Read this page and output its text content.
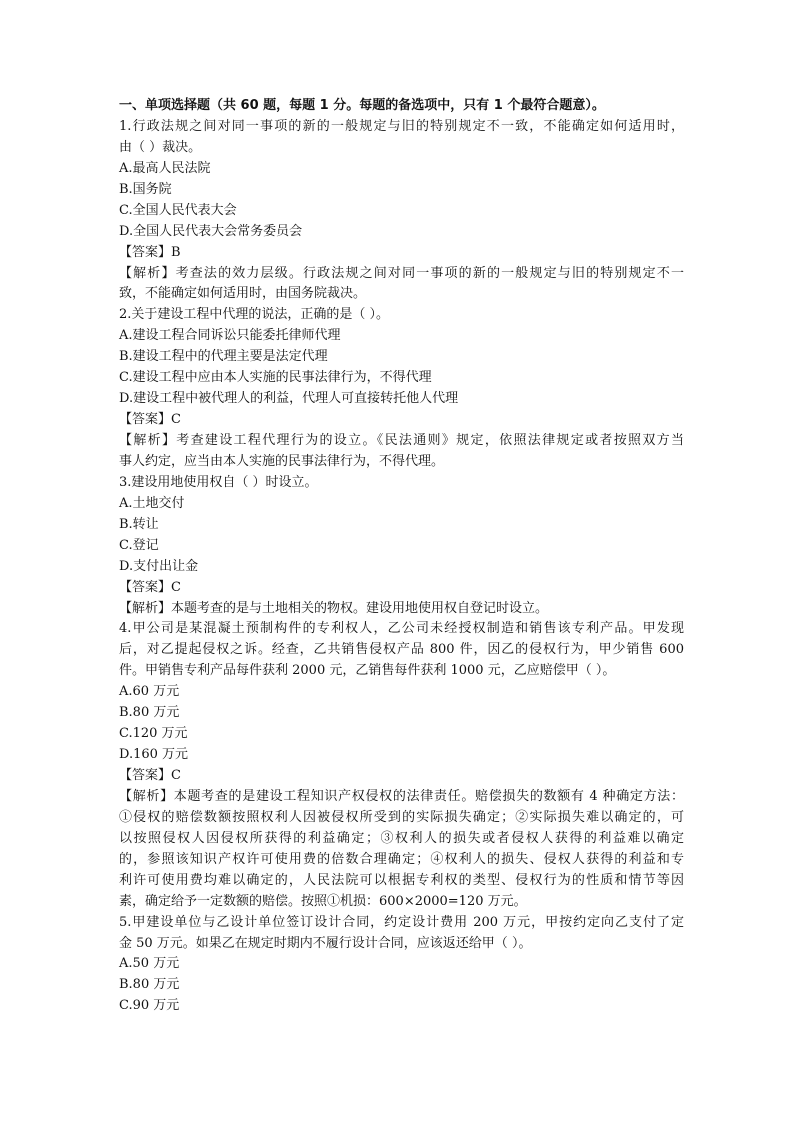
一、单项选择题（共 60 题，每题 1 分。每题的备选项中，只有 1 个最符合题意）。
1.行政法规之间对同一事项的新的一般规定与旧的特别规定不一致，不能确定如何适用时，
由（ ）裁决。
A.最高人民法院
B.国务院
C.全国人民代表大会
D.全国人民代表大会常务委员会
【答案】B
【解析】考查法的效力层级。行政法规之间对同一事项的新的一般规定与旧的特别规定不一
致，不能确定如何适用时，由国务院裁决。
2.关于建设工程中代理的说法，正确的是（ ）。
A.建设工程合同诉讼只能委托律师代理
B.建设工程中的代理主要是法定代理
C.建设工程中应由本人实施的民事法律行为，不得代理
D.建设工程中被代理人的利益，代理人可直接转托他人代理
【答案】C
【解析】考查建设工程代理行为的设立。《民法通则》规定，依照法律规定或者按照双方当
事人约定，应当由本人实施的民事法律行为，不得代理。
3.建设用地使用权自（ ）时设立。
A.土地交付
B.转让
C.登记
D.支付出让金
【答案】C
【解析】本题考查的是与土地相关的物权。建设用地使用权自登记时设立。
4.甲公司是某混凝土预制构件的专利权人，乙公司未经授权制造和销售该专利产品。甲发现
后，对乙提起侵权之诉。经查，乙共销售侵权产品 800 件，因乙的侵权行为，甲少销售 600
件。甲销售专利产品每件获利 2000 元，乙销售每件获利 1000 元，乙应赔偿甲（ ）。
A.60 万元
B.80 万元
C.120 万元
D.160 万元
【答案】C
【解析】本题考查的是建设工程知识产权侵权的法律责任。赔偿损失的数额有 4 种确定方法：
①侵权的赔偿数额按照权利人因被侵权所受到的实际损失确定；②实际损失难以确定的，可
以按照侵权人因侵权所获得的利益确定；③权利人的损失或者侵权人获得的利益难以确定
的，参照该知识产权许可使用费的倍数合理确定；④权利人的损失、侵权人获得的利益和专
利许可使用费均难以确定的，人民法院可以根据专利权的类型、侵权行为的性质和情节等因
素，确定给予一定数额的赔偿。按照①机损：600×2000=120 万元。
5.甲建设单位与乙设计单位签订设计合同，约定设计费用 200 万元，甲按约定向乙支付了定
金 50 万元。如果乙在规定时期内不履行设计合同，应该返还给甲（ ）。
A.50 万元
B.80 万元
C.90 万元
